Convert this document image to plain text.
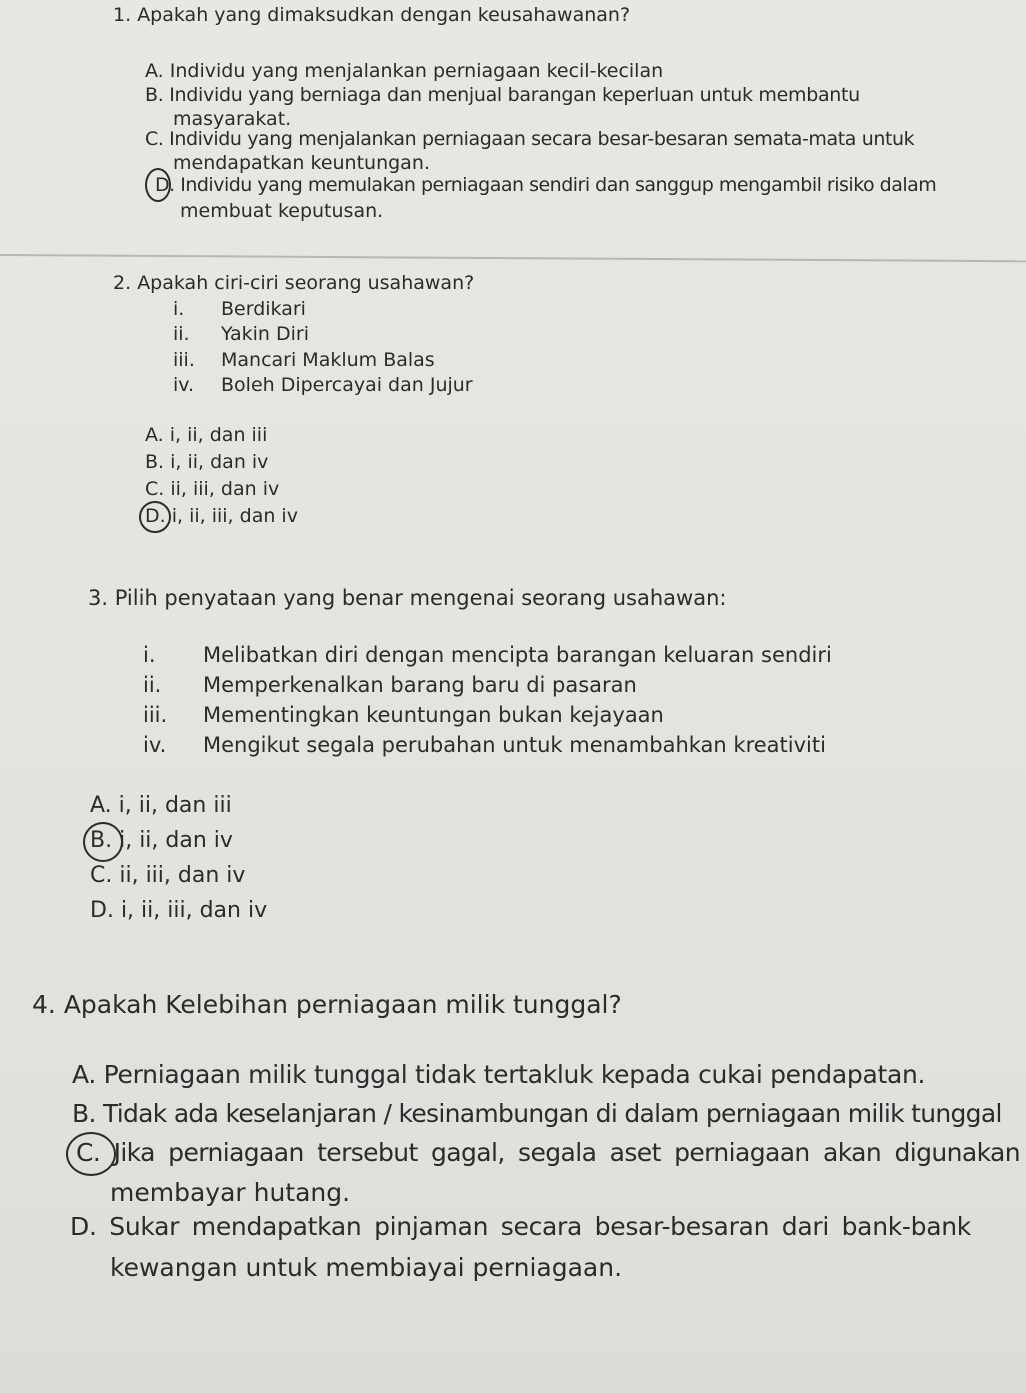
1. Apakah yang dimaksudkan dengan keusahawanan?
A. Individu yang menjalankan perniagaan kecil-kecilan
B. Individu yang berniaga dan menjual barangan keperluan untuk membantu
masyarakat.
C. Individu yang menjalankan perniagaan secara besar-besaran semata-mata untuk
mendapatkan keuntungan.
D. Individu yang memulakan perniagaan sendiri dan sanggup mengambil risiko dalam
membuat keputusan.
2. Apakah ciri-ciri seorang usahawan?
i. Berdikari
ii. Yakin Diri
iii. Mancari Maklum Balas
iv. Boleh Dipercayai dan Jujur
A. i, ii, dan iii
B. i, ii, dan iv
C. ii, iii, dan iv
D. i, ii, iii, dan iv
3. Pilih penyataan yang benar mengenai seorang usahawan:
i. Melibatkan diri dengan mencipta barangan keluaran sendiri
ii. Memperkenalkan barang baru di pasaran
iii. Mementingkan keuntungan bukan kejayaan
iv. Mengikut segala perubahan untuk menambahkan kreativiti
A. i, ii, dan iii
B. i, ii, dan iv
C. ii, iii, dan iv
D. i, ii, iii, dan iv
4. Apakah Kelebihan perniagaan milik tunggal?
A. Perniagaan milik tunggal tidak tertakluk kepada cukai pendapatan.
B. Tidak ada keselanjaran / kesinambungan di dalam perniagaan milik tunggal
C. Jika perniagaan tersebut gagal, segala aset perniagaan akan digunakan
membayar hutang.
D. Sukar mendapatkan pinjaman secara besar-besaran dari bank-bank
kewangan untuk membiayai perniagaan.
